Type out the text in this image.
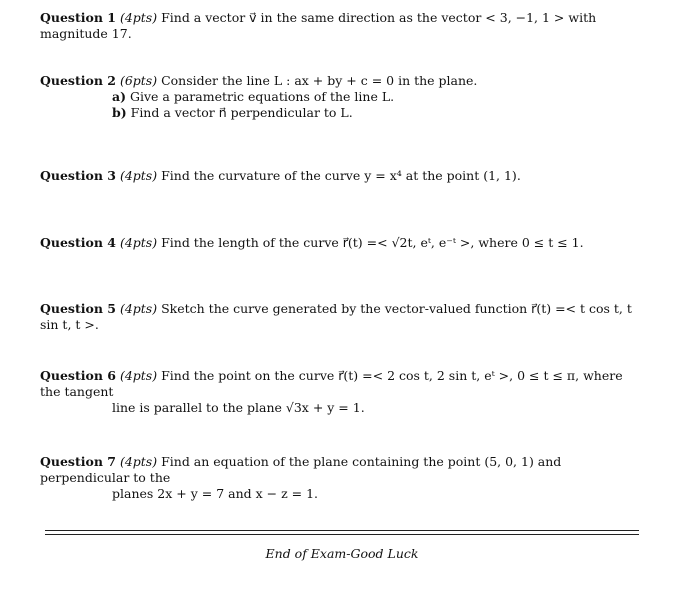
Question 1 (4pts) Find a vector v⃗ in the same direction as the vector < 3, −1, 1 > with magnitude 17.
Question 2 (6pts) Consider the line L : ax + by + c = 0 in the plane.
a) Give a parametric equations of the line L.
b) Find a vector n⃗ perpendicular to L.
Question 3 (4pts) Find the curvature of the curve y = x⁴ at the point (1, 1).
Question 4 (4pts) Find the length of the curve r⃗(t) =< √2t, eᵗ, e⁻ᵗ >, where 0 ≤ t ≤ 1.
Question 5 (4pts) Sketch the curve generated by the vector-valued function r⃗(t) =< t cos t, t sin t, t >.
Question 6 (4pts) Find the point on the curve r⃗(t) =< 2 cos t, 2 sin t, eᵗ >, 0 ≤ t ≤ π, where the tangent
line is parallel to the plane √3x + y = 1.
Question 7 (4pts) Find an equation of the plane containing the point (5, 0, 1) and perpendicular to the
planes 2x + y = 7 and x − z = 1.
End of Exam-Good Luck
